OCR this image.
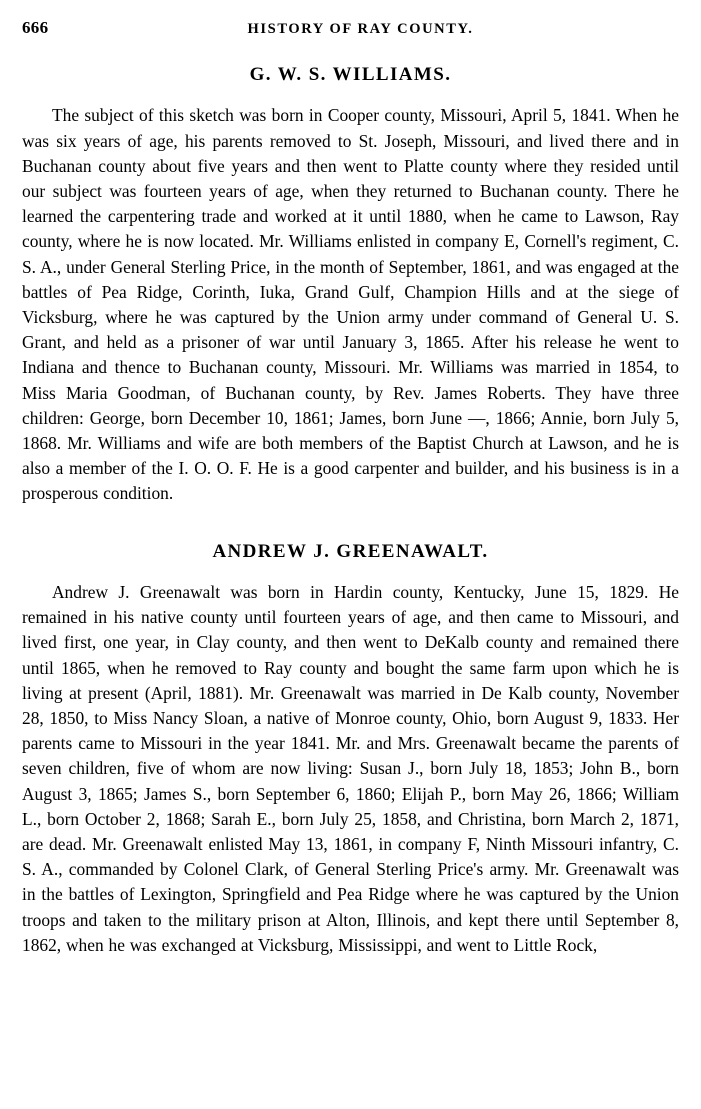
666	HISTORY OF RAY COUNTY.
G. W. S. WILLIAMS.

The subject of this sketch was born in Cooper county, Missouri, April 5, 1841. When he was six years of age, his parents removed to St. Joseph, Missouri, and lived there and in Buchanan county about five years and then went to Platte county where they resided until our subject was fourteen years of age, when they returned to Buchanan county. There he learned the carpentering trade and worked at it until 1880, when he came to Lawson, Ray county, where he is now located. Mr. Williams enlisted in company E, Cornell's regiment, C. S. A., under General Sterling Price, in the month of September, 1861, and was engaged at the battles of Pea Ridge, Corinth, Iuka, Grand Gulf, Champion Hills and at the siege of Vicksburg, where he was captured by the Union army under command of General U. S. Grant, and held as a prisoner of war until January 3, 1865. After his release he went to Indiana and thence to Buchanan county, Missouri. Mr. Williams was married in 1854, to Miss Maria Goodman, of Buchanan county, by Rev. James Roberts. They have three children: George, born December 10, 1861; James, born June —, 1866; Annie, born July 5, 1868. Mr. Williams and wife are both members of the Baptist Church at Lawson, and he is also a member of the I. O. O. F. He is a good carpenter and builder, and his business is in a prosperous condition.

ANDREW J. GREENAWALT.

Andrew J. Greenawalt was born in Hardin county, Kentucky, June 15, 1829. He remained in his native county until fourteen years of age, and then came to Missouri, and lived first, one year, in Clay county, and then went to DeKalb county and remained there until 1865, when he removed to Ray county and bought the same farm upon which he is living at present (April, 1881). Mr. Greenawalt was married in De Kalb county, November 28, 1850, to Miss Nancy Sloan, a native of Monroe county, Ohio, born August 9, 1833. Her parents came to Missouri in the year 1841. Mr. and Mrs. Greenawalt became the parents of seven children, five of whom are now living: Susan J., born July 18, 1853; John B., born August 3, 1865; James S., born September 6, 1860; Elijah P., born May 26, 1866; William L., born October 2, 1868; Sarah E., born July 25, 1858, and Christina, born March 2, 1871, are dead. Mr. Greenawalt enlisted May 13, 1861, in company F, Ninth Missouri infantry, C. S. A., commanded by Colonel Clark, of General Sterling Price's army. Mr. Greenawalt was in the battles of Lexington, Springfield and Pea Ridge where he was captured by the Union troops and taken to the military prison at Alton, Illinois, and kept there until September 8, 1862, when he was exchanged at Vicksburg, Mississippi, and went to Little Rock,
